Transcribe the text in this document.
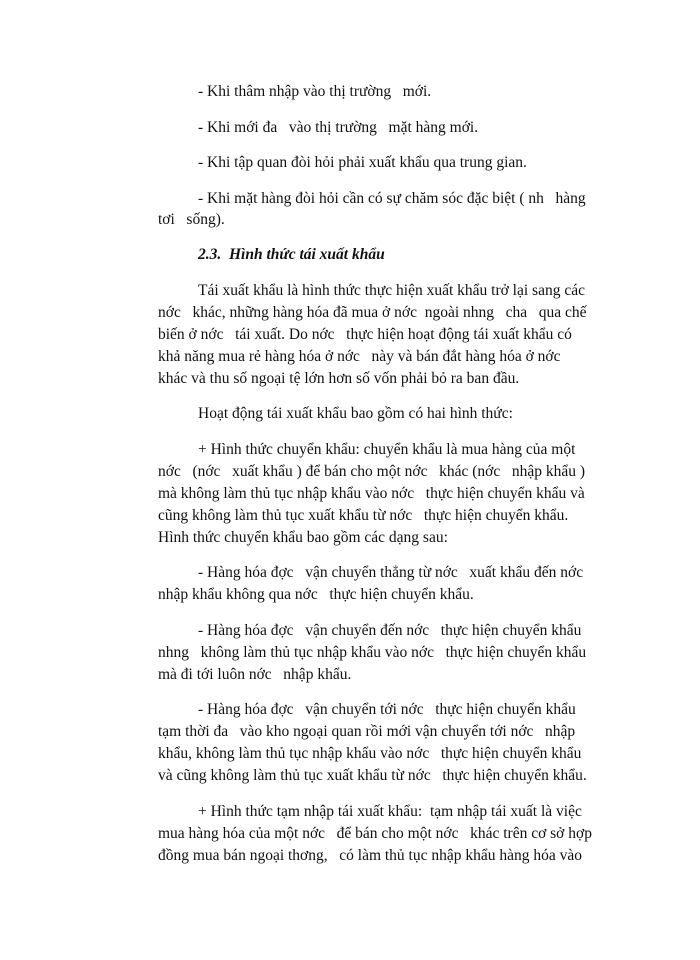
- Khi thâm nhập vào thị trường   mới.
- Khi mới đa   vào thị trường   mặt hàng mới.
- Khi tập quan đòi hỏi phải xuất khẩu qua trung gian.
- Khi mặt hàng đòi hỏi cần có sự chăm sóc đặc biệt ( nh   hàng
tơi   sống).
2.3.  Hình thức tái xuất khẩu
Tái xuất khẩu là hình thức thực hiện xuất khẩu trở lại sang các
nớc   khác, những hàng hóa đã mua ở nớc  ngoài nhng   cha   qua chế
biến ở nớc   tái xuất. Do nớc   thực hiện hoạt động tái xuất khẩu có
khả năng mua rẻ hàng hóa ở nớc   này và bán đắt hàng hóa ở nớc
khác và thu số ngoại tệ lớn hơn số vốn phải bỏ ra ban đầu.
Hoạt động tái xuất khẩu bao gồm có hai hình thức:
+ Hình thức chuyển khẩu: chuyển khẩu là mua hàng của một
nớc   (nớc   xuất khẩu ) để bán cho một nớc   khác (nớc   nhập khẩu )
mà không làm thủ tục nhập khẩu vào nớc   thực hiện chuyển khẩu và
cũng không làm thủ tục xuất khẩu từ nớc   thực hiện chuyển khẩu.
Hình thức chuyển khẩu bao gồm các dạng sau:
- Hàng hóa đợc   vận chuyển thẳng từ nớc   xuất khẩu đến nớc
nhập khẩu không qua nớc   thực hiện chuyển khẩu.
- Hàng hóa đợc   vận chuyển đến nớc   thực hiện chuyển khẩu
nhng   không làm thủ tục nhập khẩu vào nớc   thực hiện chuyển khẩu
mà đi tới luôn nớc   nhập khẩu.
- Hàng hóa đợc   vận chuyển tới nớc   thực hiện chuyển khẩu
tạm thời đa   vào kho ngoại quan rồi mới vận chuyển tới nớc   nhập
khẩu, không làm thủ tục nhập khẩu vào nớc   thực hiện chuyển khẩu
và cũng không làm thủ tục xuất khẩu từ nớc   thực hiện chuyển khẩu.
+ Hình thức tạm nhập tái xuất khẩu:  tạm nhập tái xuất là việc
mua hàng hóa của một nớc   để bán cho một nớc   khác trên cơ sở hợp
đồng mua bán ngoại thơng,   có làm thủ tục nhập khẩu hàng hóa vào
